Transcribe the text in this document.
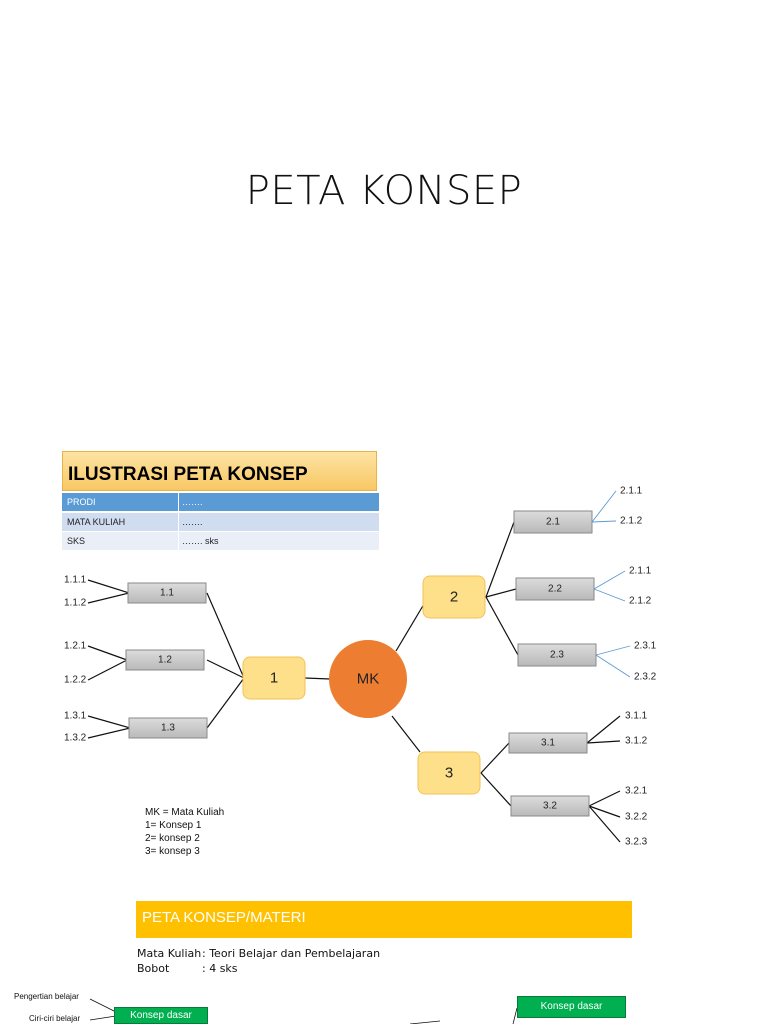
PETA KONSEP
ILUSTRASI PETA KONSEP
PRODI	…….
MATA KULIAH	…….
SKS	……. sks
1.1.1
1.1.2
1.1
1.2.1
1.2.2
1.2
1.3.1
1.3.2
1.3
2.1.1
2.1.2
2.1
2.1.1
2.1.2
2.2
2.3.1
2.3.2
2.3
3.1.1
3.1.2
3.1
3.2.1
3.2.2
3.2.3
3.2
1
2
3
MK
MK = Mata Kuliah
1= Konsep 1
2= konsep 2
3= konsep 3
PETA KONSEP/MATERI
Mata Kuliah : Teori Belajar dan Pembelajaran
Bobot	: 4 sks
Pengertian belajar
Ciri-ciri belajar	Konsep dasar
Konsep dasar
